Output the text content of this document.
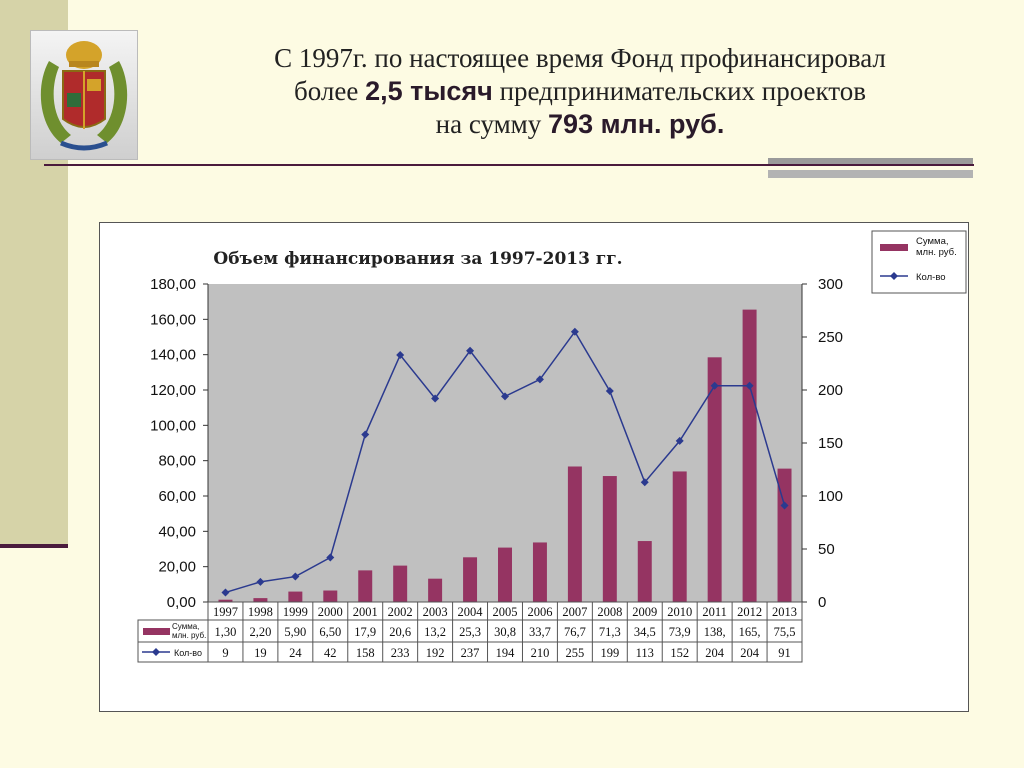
С 1997г. по настоящее время Фонд профинансировал
более 2,5 тысяч предпринимательских проектов
на сумму 793 млн. руб.
0,00
20,00
40,00
60,00
80,00
100,00
120,00
140,00
160,00
180,00
0
50
100
150
200
250
300
1997
1,30
9
1998
2,20
19
1999
5,90
24
2000
6,50
42
2001
17,9
158
2002
20,6
233
2003
13,2
192
2004
25,3
237
2005
30,8
194
2006
33,7
210
2007
76,7
255
2008
71,3
199
2009
34,5
113
2010
73,9
152
2011
138,
204
2012
165,
204
2013
75,5
91
Сумма,
млн. руб.
Кол-во
Сумма,
млн. руб.
Кол-во
Объем финансирования за 1997-2013 гг.
